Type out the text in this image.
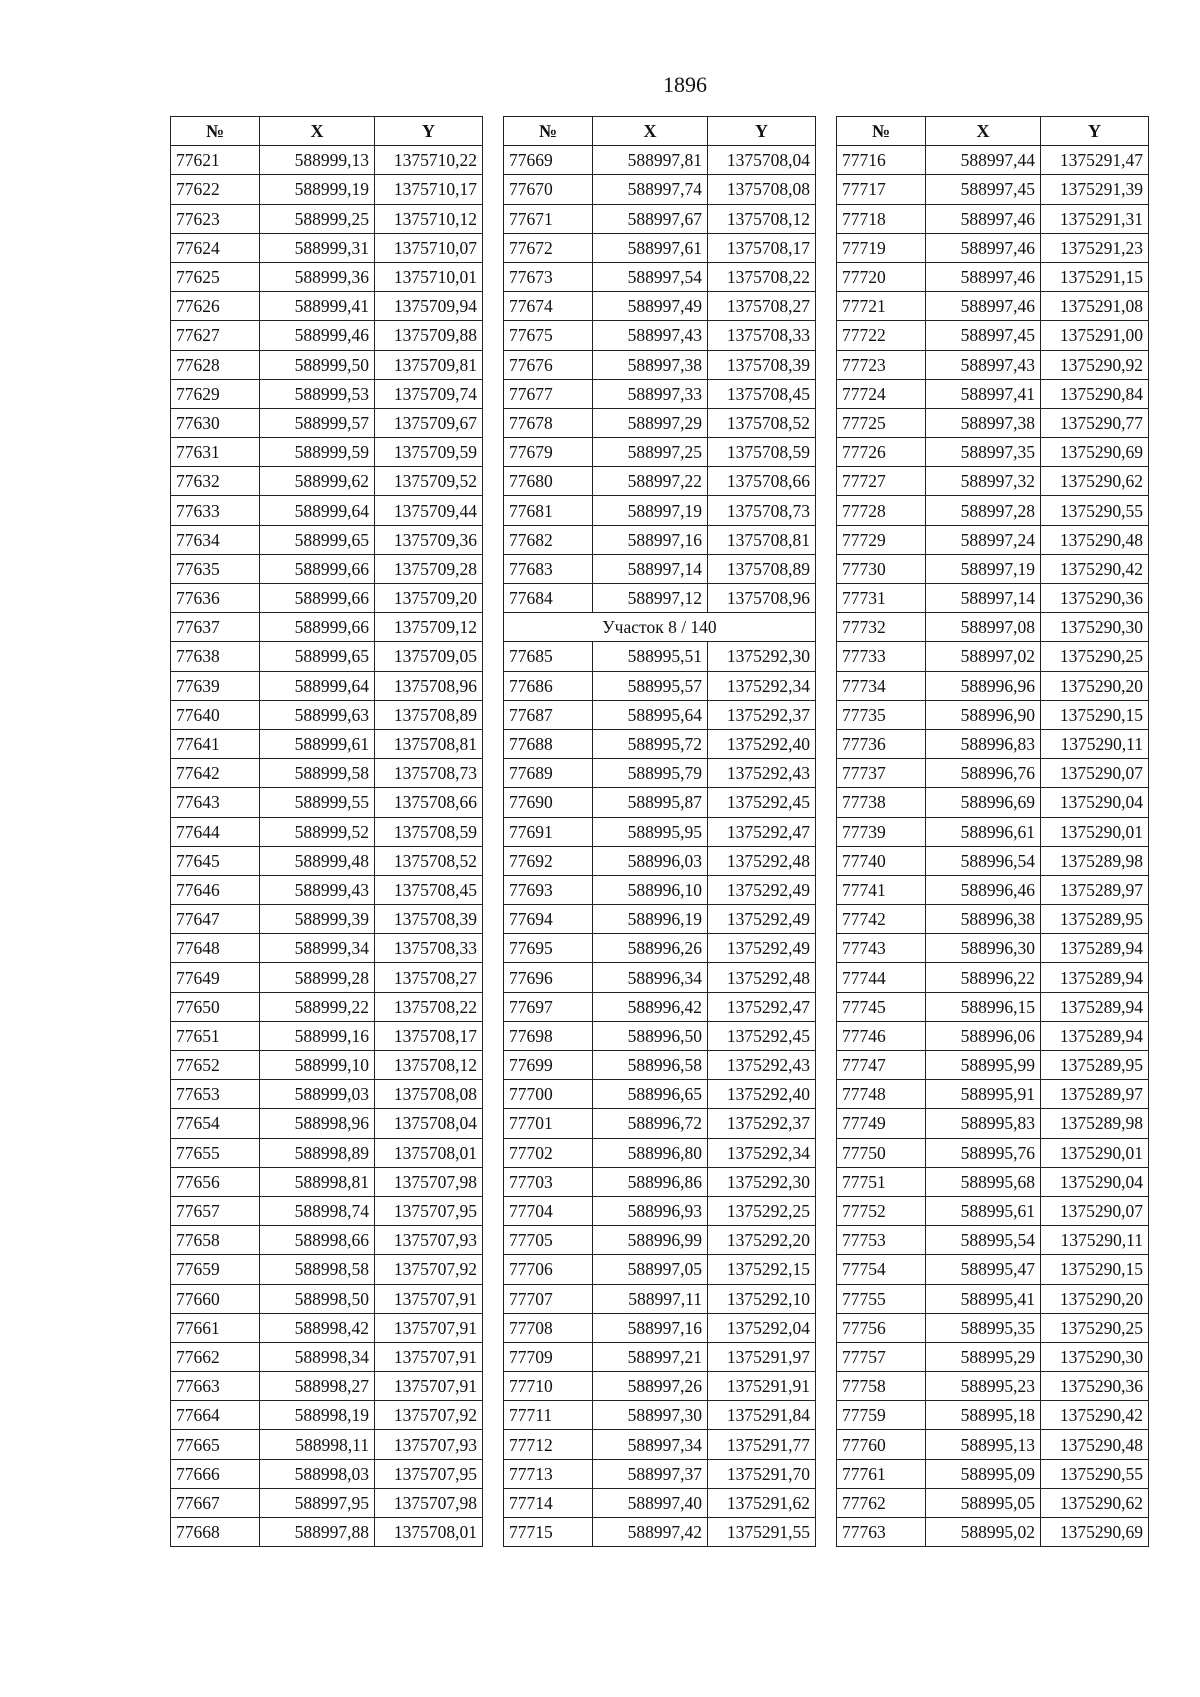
1896
№	X	Y
77621	588999,13	1375710,22
77622	588999,19	1375710,17
77623	588999,25	1375710,12
77624	588999,31	1375710,07
77625	588999,36	1375710,01
77626	588999,41	1375709,94
77627	588999,46	1375709,88
77628	588999,50	1375709,81
77629	588999,53	1375709,74
77630	588999,57	1375709,67
77631	588999,59	1375709,59
77632	588999,62	1375709,52
77633	588999,64	1375709,44
77634	588999,65	1375709,36
77635	588999,66	1375709,28
77636	588999,66	1375709,20
77637	588999,66	1375709,12
77638	588999,65	1375709,05
77639	588999,64	1375708,96
77640	588999,63	1375708,89
77641	588999,61	1375708,81
77642	588999,58	1375708,73
77643	588999,55	1375708,66
77644	588999,52	1375708,59
77645	588999,48	1375708,52
77646	588999,43	1375708,45
77647	588999,39	1375708,39
77648	588999,34	1375708,33
77649	588999,28	1375708,27
77650	588999,22	1375708,22
77651	588999,16	1375708,17
77652	588999,10	1375708,12
77653	588999,03	1375708,08
77654	588998,96	1375708,04
77655	588998,89	1375708,01
77656	588998,81	1375707,98
77657	588998,74	1375707,95
77658	588998,66	1375707,93
77659	588998,58	1375707,92
77660	588998,50	1375707,91
77661	588998,42	1375707,91
77662	588998,34	1375707,91
77663	588998,27	1375707,91
77664	588998,19	1375707,92
77665	588998,11	1375707,93
77666	588998,03	1375707,95
77667	588997,95	1375707,98
77668	588997,88	1375708,01
№	X	Y
77669	588997,81	1375708,04
77670	588997,74	1375708,08
77671	588997,67	1375708,12
77672	588997,61	1375708,17
77673	588997,54	1375708,22
77674	588997,49	1375708,27
77675	588997,43	1375708,33
77676	588997,38	1375708,39
77677	588997,33	1375708,45
77678	588997,29	1375708,52
77679	588997,25	1375708,59
77680	588997,22	1375708,66
77681	588997,19	1375708,73
77682	588997,16	1375708,81
77683	588997,14	1375708,89
77684	588997,12	1375708,96
Участок 8 / 140		
77685	588995,51	1375292,30
77686	588995,57	1375292,34
77687	588995,64	1375292,37
77688	588995,72	1375292,40
77689	588995,79	1375292,43
77690	588995,87	1375292,45
77691	588995,95	1375292,47
77692	588996,03	1375292,48
77693	588996,10	1375292,49
77694	588996,19	1375292,49
77695	588996,26	1375292,49
77696	588996,34	1375292,48
77697	588996,42	1375292,47
77698	588996,50	1375292,45
77699	588996,58	1375292,43
77700	588996,65	1375292,40
77701	588996,72	1375292,37
77702	588996,80	1375292,34
77703	588996,86	1375292,30
77704	588996,93	1375292,25
77705	588996,99	1375292,20
77706	588997,05	1375292,15
77707	588997,11	1375292,10
77708	588997,16	1375292,04
77709	588997,21	1375291,97
77710	588997,26	1375291,91
77711	588997,30	1375291,84
77712	588997,34	1375291,77
77713	588997,37	1375291,70
77714	588997,40	1375291,62
77715	588997,42	1375291,55
№	X	Y
77716	588997,44	1375291,47
77717	588997,45	1375291,39
77718	588997,46	1375291,31
77719	588997,46	1375291,23
77720	588997,46	1375291,15
77721	588997,46	1375291,08
77722	588997,45	1375291,00
77723	588997,43	1375290,92
77724	588997,41	1375290,84
77725	588997,38	1375290,77
77726	588997,35	1375290,69
77727	588997,32	1375290,62
77728	588997,28	1375290,55
77729	588997,24	1375290,48
77730	588997,19	1375290,42
77731	588997,14	1375290,36
77732	588997,08	1375290,30
77733	588997,02	1375290,25
77734	588996,96	1375290,20
77735	588996,90	1375290,15
77736	588996,83	1375290,11
77737	588996,76	1375290,07
77738	588996,69	1375290,04
77739	588996,61	1375290,01
77740	588996,54	1375289,98
77741	588996,46	1375289,97
77742	588996,38	1375289,95
77743	588996,30	1375289,94
77744	588996,22	1375289,94
77745	588996,15	1375289,94
77746	588996,06	1375289,94
77747	588995,99	1375289,95
77748	588995,91	1375289,97
77749	588995,83	1375289,98
77750	588995,76	1375290,01
77751	588995,68	1375290,04
77752	588995,61	1375290,07
77753	588995,54	1375290,11
77754	588995,47	1375290,15
77755	588995,41	1375290,20
77756	588995,35	1375290,25
77757	588995,29	1375290,30
77758	588995,23	1375290,36
77759	588995,18	1375290,42
77760	588995,13	1375290,48
77761	588995,09	1375290,55
77762	588995,05	1375290,62
77763	588995,02	1375290,69
